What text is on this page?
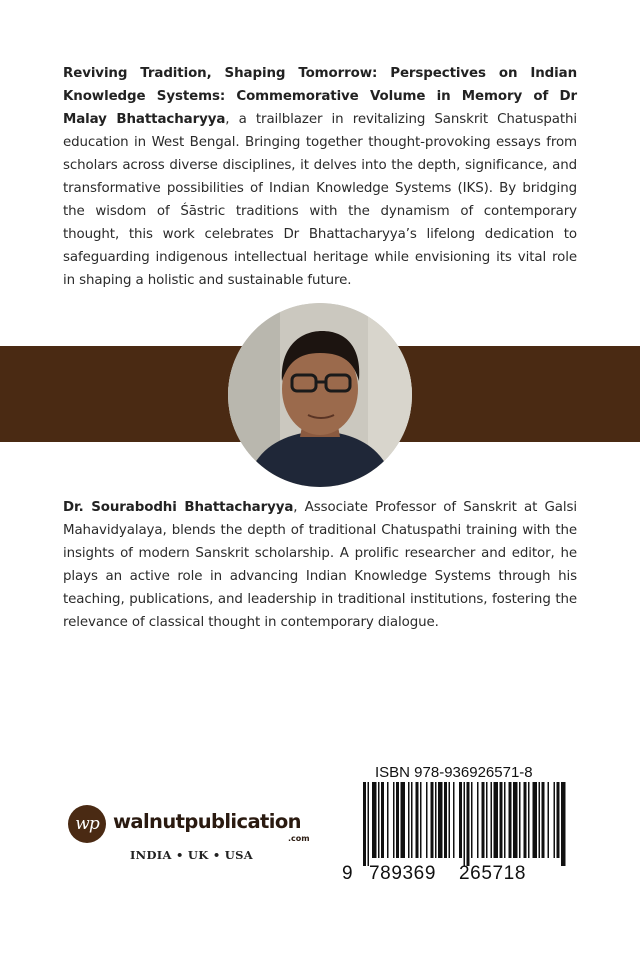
Reviving Tradition, Shaping Tomorrow: Perspectives on Indian Knowledge Systems: Commemorative Volume in Memory of Dr Malay Bhattacharyya, a trailblazer in revitalizing Sanskrit Chatuspathi education in West Bengal. Bringing together thought-provoking essays from scholars across diverse disciplines, it delves into the depth, significance, and transformative possibilities of Indian Knowledge Systems (IKS). By bridging the wisdom of Śāstric traditions with the dynamism of contemporary thought, this work celebrates Dr Bhattacharyya’s lifelong dedication to safeguarding indigenous intellectual heritage while envisioning its vital role in shaping a holistic and sustainable future.
Dr. Sourabodhi Bhattacharyya, Associate Professor of Sanskrit at Galsi Mahavidyalaya, blends the depth of traditional Chatuspathi training with the insights of modern Sanskrit scholarship. A prolific researcher and editor, he plays an active role in advancing Indian Knowledge Systems through his teaching, publications, and leadership in traditional institutions, fostering the relevance of classical thought in contemporary dialogue.
wp walnutpublication
.com
INDIA • UK • USA
ISBN 978-936926571-8
9 789369 265718
